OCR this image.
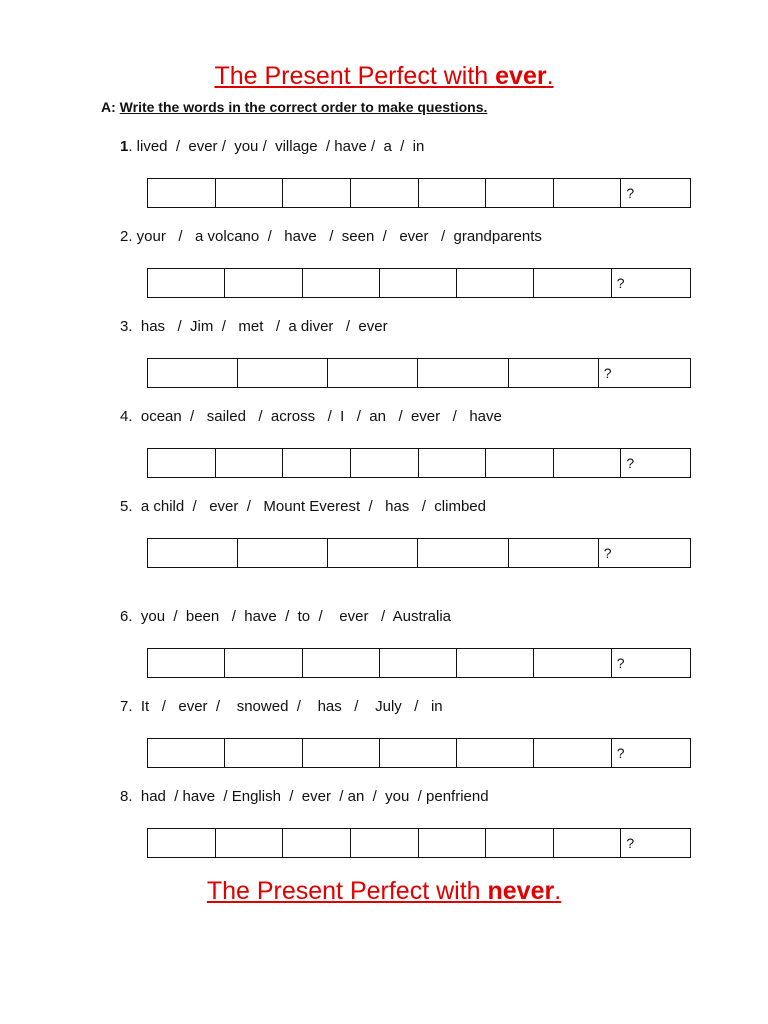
The Present Perfect with ever.
A: Write the words in the correct order to make questions.
1. lived  /  ever /  you /  village  / have /  a  /  in
?
2. your   /   a volcano  /   have   /  seen  /   ever   /  grandparents
?
3.  has   /  Jim  /   met   /  a diver   /  ever
?
4.  ocean  /   sailed   /  across   /  I   /  an   /  ever   /   have
?
5.  a child  /   ever  /   Mount Everest  /   has   /  climbed
?
6.  you  /  been   /  have  /  to  /    ever   /  Australia
?
7.  It   /   ever  /    snowed  /    has   /    July   /   in
?
8.  had  / have  / English  /  ever  / an  /  you  / penfriend
?
The Present Perfect with never.
